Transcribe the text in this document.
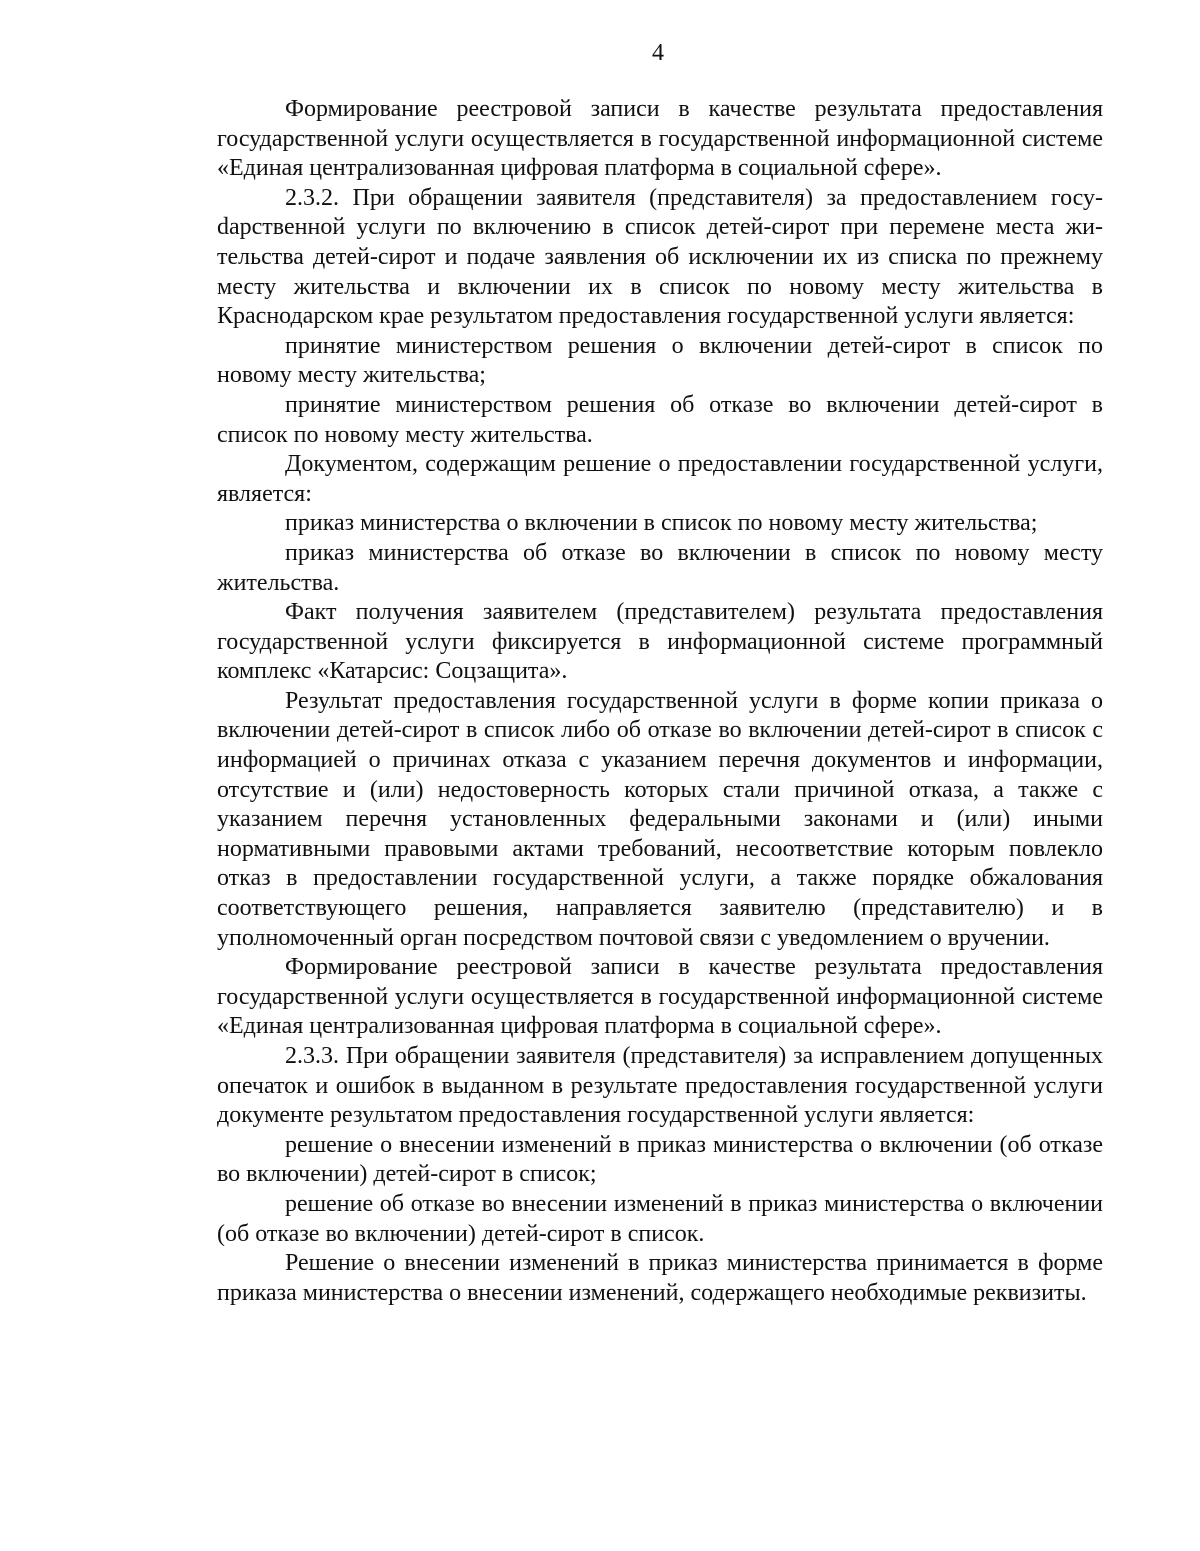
4

Формирование реестровой записи в качестве результата предоставления государственной услуги осуществляется в государственной информационной системе «Единая централизованная цифровая платформа в социальной сфере».

2.3.2. При обращении заявителя (представителя) за предоставлением госуdарственной услуги по включению в список детей-сирот при перемене места жительства детей-сирот и подаче заявления об исключении их из списка по прежнему месту жительства и включении их в список по новому месту жительства в Краснодарском крае результатом предоставления государственной услуги является:

принятие министерством решения о включении детей-сирот в список по новому месту жительства;

принятие министерством решения об отказе во включении детей-сирот в список по новому месту жительства.

Документом, содержащим решение о предоставлении государственной услуги, является:

приказ министерства о включении в список по новому месту жительства;

приказ министерства об отказе во включении в список по новому месту жительства.

Факт получения заявителем (представителем) результата предоставления государственной услуги фиксируется в информационной системе программный комплекс «Катарсис: Соцзащита».

Результат предоставления государственной услуги в форме копии приказа о включении детей-сирот в список либо об отказе во включении детей-сирот в список с информацией о причинах отказа с указанием перечня документов и информации, отсутствие и (или) недостоверность которых стали причиной отказа, а также с указанием перечня установленных федеральными законами и (или) иными нормативными правовыми актами требований, несоответствие которым повлекло отказ в предоставлении государственной услуги, а также порядке обжалования соответствующего решения, направляется заявителю (представителю) и в уполномоченный орган посредством почтовой связи с уведомлением о вручении.

Формирование реестровой записи в качестве результата предоставления государственной услуги осуществляется в государственной информационной системе «Единая централизованная цифровая платформа в социальной сфере».

2.3.3. При обращении заявителя (представителя) за исправлением допущенных опечаток и ошибок в выданном в результате предоставления государственной услуги документе результатом предоставления государственной услуги является:

решение о внесении изменений в приказ министерства о включении (об отказе во включении) детей-сирот в список;

решение об отказе во внесении изменений в приказ министерства о включении (об отказе во включении) детей-сирот в список.

Решение о внесении изменений в приказ министерства принимается в форме приказа министерства о внесении изменений, содержащего необходимые реквизиты.
